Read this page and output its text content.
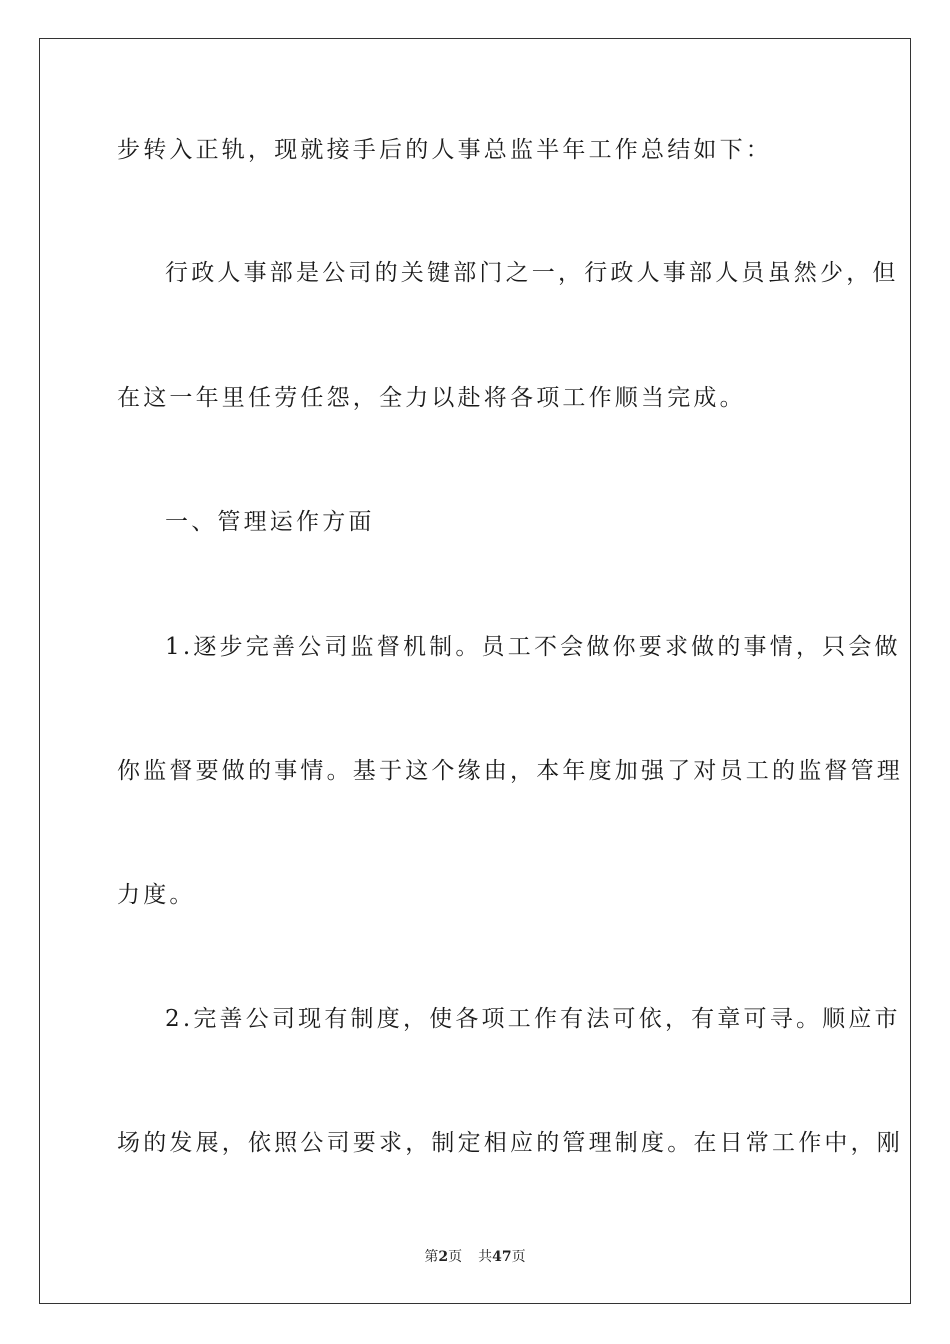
步转入正轨，现就接手后的人事总监半年工作总结如下：
行政人事部是公司的关键部门之一，行政人事部人员虽然少，但
在这一年里任劳任怨，全力以赴将各项工作顺当完成。
一、管理运作方面
1.逐步完善公司监督机制。员工不会做你要求做的事情，只会做
你监督要做的事情。基于这个缘由，本年度加强了对员工的监督管理
力度。
2.完善公司现有制度，使各项工作有法可依，有章可寻。顺应市
场的发展，依照公司要求，制定相应的管理制度。在日常工作中，刚
第2页 共47页
